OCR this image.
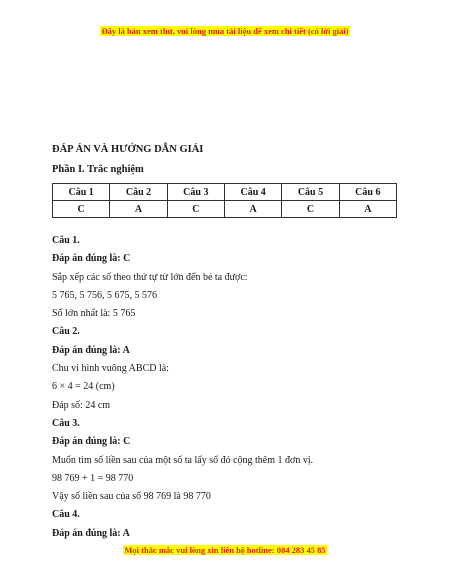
Đây là bản xem thử, vui lòng mua tài liệu để xem chi tiết (có lời giải)
ĐÁP ÁN VÀ HƯỚNG DẪN GIẢI
Phần I. Trắc nghiệm
Câu 1	Câu 2	Câu 3	Câu 4	Câu 5	Câu 6
C	A	C	A	C	A
Câu 1.
Đáp án đúng là: C
Sắp xếp các số theo thứ tự từ lớn đến bé ta được:
5 765, 5 756, 5 675, 5 576
Số lớn nhất là: 5 765
Câu 2.
Đáp án đúng là: A
Chu vi hình vuông ABCD là:
6 × 4 = 24 (cm)
Đáp số: 24 cm
Câu 3.
Đáp án đúng là: C
Muốn tìm số liền sau của một số ta lấy số đó cộng thêm 1 đơn vị.
98 769 + 1 = 98 770
Vậy số liền sau của số 98 769 là 98 770
Câu 4.
Đáp án đúng là: A
Mọi thắc mắc vui lòng xin liên hệ hotline: 084 283 45 85
